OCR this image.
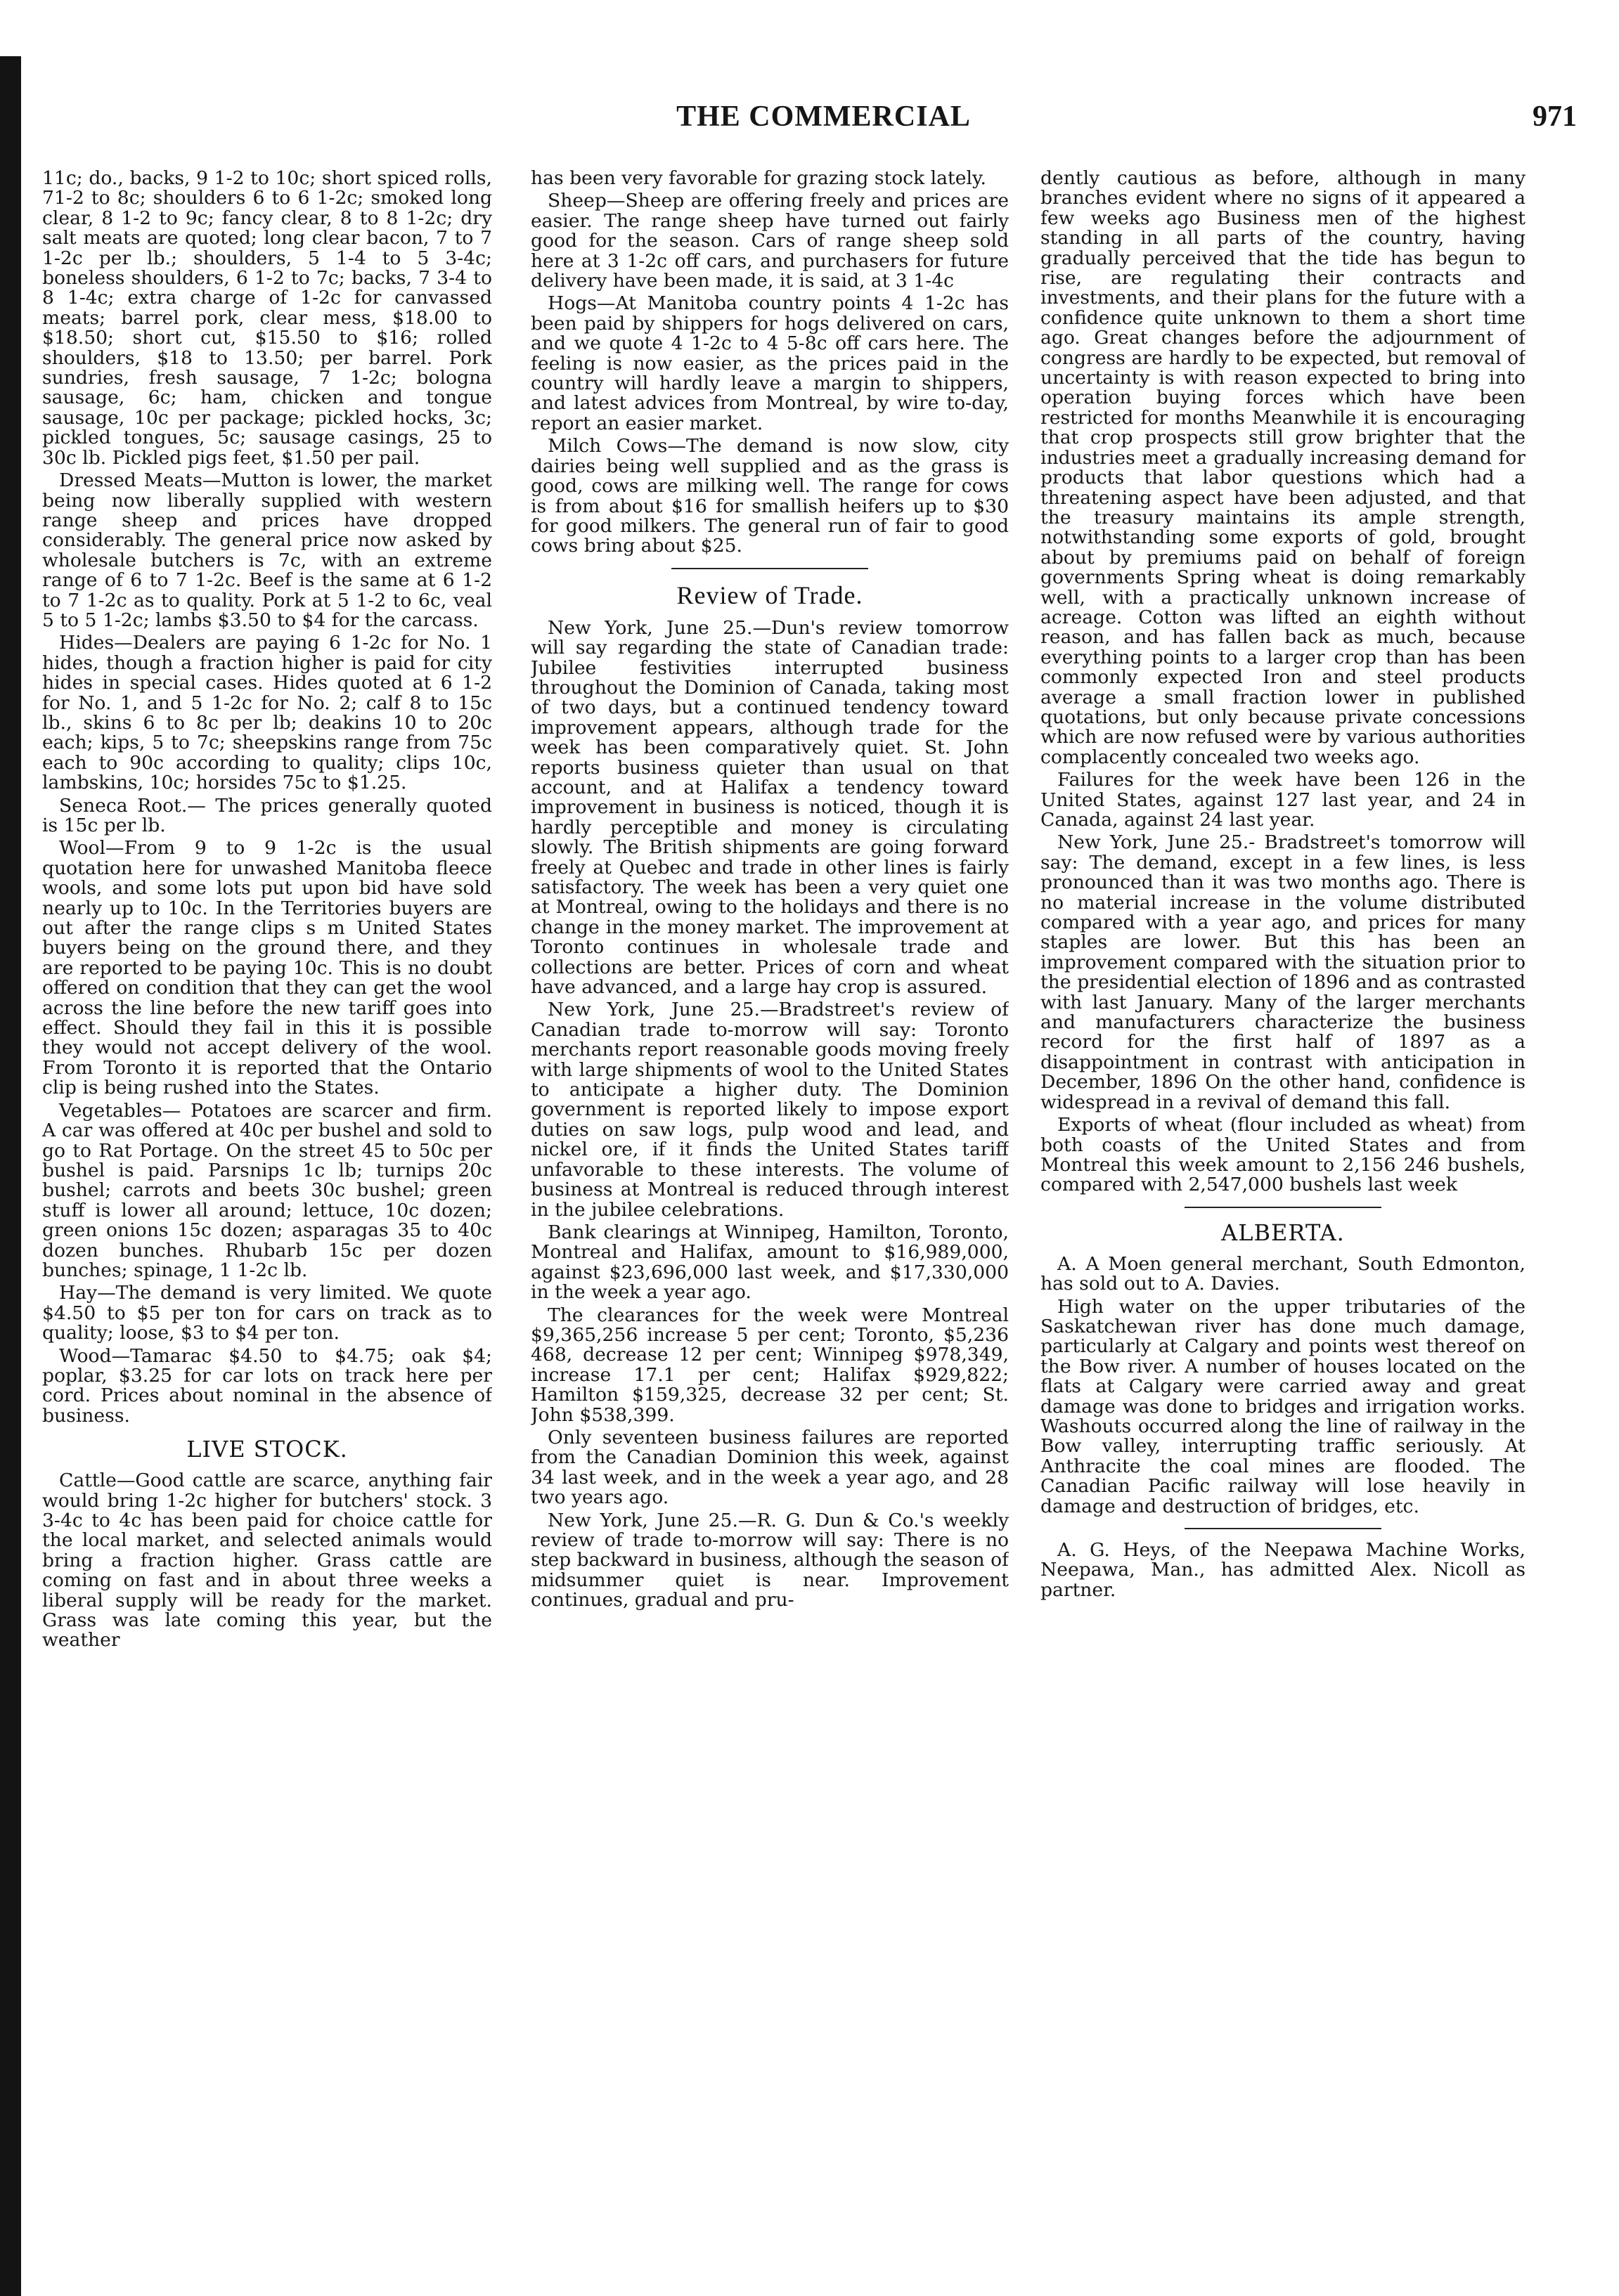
THE COMMERCIAL	971

11c; do., backs, 9 1-2 to 10c; short spiced rolls, 71-2 to 8c; shoulders 6 to 6 1-2c; smoked long clear, 8 1-2 to 9c; fancy clear, 8 to 8 1-2c; dry salt meats are quoted; long clear bacon, 7 to 7 1-2c per lb.; shoulders, 5 1-4 to 5 3-4c; boneless shoulders, 6 1-2 to 7c; backs, 7 3-4 to 8 1-4c; extra charge of 1-2c for canvassed meats; barrel pork, clear mess, $18.00 to $18.50; short cut, $15.50 to $16; rolled shoulders, $18 to 13.50; per barrel. Pork sundries, fresh sausage, 7 1-2c; bologna sausage, 6c; ham, chicken and tongue sausage, 10c per package; pickled hocks, 3c; pickled tongues, 5c; sausage casings, 25 to 30c lb. Pickled pigs feet, $1.50 per pail.

Dressed Meats—Mutton is lower, the market being now liberally supplied with western range sheep and prices have dropped considerably. The general price now asked by wholesale butchers is 7c, with an extreme range of 6 to 7 1-2c. Beef is the same at 6 1-2 to 7 1-2c as to quality. Pork at 5 1-2 to 6c, veal 5 to 5 1-2c; lambs $3.50 to $4 for the carcass.

Hides—Dealers are paying 6 1-2c for No. 1 hides, though a fraction higher is paid for city hides in special cases. Hides quoted at 6 1-2 for No. 1, and 5 1-2c for No. 2; calf 8 to 15c lb., skins 6 to 8c per lb; deakins 10 to 20c each; kips, 5 to 7c; sheepskins range from 75c each to 90c according to quality; clips 10c, lambskins, 10c; horsides 75c to $1.25.

Seneca Root.— The prices generally quoted is 15c per lb.

Wool—From 9 to 9 1-2c is the usual quotation here for unwashed Manitoba fleece wools, and some lots put upon bid have sold nearly up to 10c. In the Territories buyers are out after the range clips s m United States buyers being on the ground there, and they are reported to be paying 10c. This is no doubt offered on condition that they can get the wool across the line before the new tariff goes into effect. Should they fail in this it is possible they would not accept delivery of the wool. From Toronto it is reported that the Ontario clip is being rushed into the States.

Vegetables— Potatoes are scarcer and firm. A car was offered at 40c per bushel and sold to go to Rat Portage. On the street 45 to 50c per bushel is paid. Parsnips 1c lb; turnips 20c bushel; carrots and beets 30c bushel; green stuff is lower all around; lettuce, 10c dozen; green onions 15c dozen; asparagas 35 to 40c dozen bunches. Rhubarb 15c per dozen bunches; spinage, 1 1-2c lb.

Hay—The demand is very limited. We quote $4.50 to $5 per ton for cars on track as to quality; loose, $3 to $4 per ton.

Wood—Tamarac $4.50 to $4.75; oak $4; poplar, $3.25 for car lots on track here per cord. Prices about nominal in the absence of business.

LIVE STOCK.

Cattle—Good cattle are scarce, anything fair would bring 1-2c higher for butchers' stock. 3 3-4c to 4c has been paid for choice cattle for the local market, and selected animals would bring a fraction higher. Grass cattle are coming on fast and in about three weeks a liberal supply will be ready for the market. Grass was late coming this year, but the weather

has been very favorable for grazing stock lately.

Sheep—Sheep are offering freely and prices are easier. The range sheep have turned out fairly good for the season. Cars of range sheep sold here at 3 1-2c off cars, and purchasers for future delivery have been made, it is said, at 3 1-4c

Hogs—At Manitoba country points 4 1-2c has been paid by shippers for hogs delivered on cars, and we quote 4 1-2c to 4 5-8c off cars here. The feeling is now easier, as the prices paid in the country will hardly leave a margin to shippers, and latest advices from Montreal, by wire to-day, report an easier market.

Milch Cows—The demand is now slow, city dairies being well supplied and as the grass is good, cows are milking well. The range for cows is from about $16 for smallish heifers up to $30 for good milkers. The general run of fair to good cows bring about $25.

Review of Trade.

New York, June 25.—Dun's review tomorrow will say regarding the state of Canadian trade: Jubilee festivities interrupted business throughout the Dominion of Canada, taking most of two days, but a continued tendency toward improvement appears, although trade for the week has been comparatively quiet. St. John reports business quieter than usual on that account, and at Halifax a tendency toward improvement in business is noticed, though it is hardly perceptible and money is circulating slowly. The British shipments are going forward freely at Quebec and trade in other lines is fairly satisfactory. The week has been a very quiet one at Montreal, owing to the holidays and there is no change in the money market. The improvement at Toronto continues in wholesale trade and collections are better. Prices of corn and wheat have advanced, and a large hay crop is assured.

New York, June 25.—Bradstreet's review of Canadian trade to-morrow will say: Toronto merchants report reasonable goods moving freely with large shipments of wool to the United States to anticipate a higher duty. The Dominion government is reported likely to impose export duties on saw logs, pulp wood and lead, and nickel ore, if it finds the United States tariff unfavorable to these interests. The volume of business at Montreal is reduced through interest in the jubilee celebrations.

Bank clearings at Winnipeg, Hamilton, Toronto, Montreal and Halifax, amount to $16,989,000, against $23,696,000 last week, and $17,330,000 in the week a year ago.

The clearances for the week were Montreal $9,365,256 increase 5 per cent; Toronto, $5,236 468, decrease 12 per cent; Winnipeg $978,349, increase 17.1 per cent; Halifax $929,822; Hamilton $159,325, decrease 32 per cent; St. John $538,399.

Only seventeen business failures are reported from the Canadian Dominion this week, against 34 last week, and in the week a year ago, and 28 two years ago.

New York, June 25.—R. G. Dun & Co.'s weekly review of trade to-morrow will say: There is no step backward in business, although the season of midsummer quiet is near. Improvement continues, gradual and pru-

dently cautious as before, although in many branches evident where no signs of it appeared a few weeks ago Business men of the highest standing in all parts of the country, having gradually perceived that the tide has begun to rise, are regulating their contracts and investments, and their plans for the future with a confidence quite unknown to them a short time ago. Great changes before the adjournment of congress are hardly to be expected, but removal of uncertainty is with reason expected to bring into operation buying forces which have been restricted for months Meanwhile it is encouraging that crop prospects still grow brighter that the industries meet a gradually increasing demand for products that labor questions which had a threatening aspect have been adjusted, and that the treasury maintains its ample strength, notwithstanding some exports of gold, brought about by premiums paid on behalf of foreign governments Spring wheat is doing remarkably well, with a practically unknown increase of acreage. Cotton was lifted an eighth without reason, and has fallen back as much, because everything points to a larger crop than has been commonly expected Iron and steel products average a small fraction lower in published quotations, but only because private concessions which are now refused were by various authorities complacently concealed two weeks ago.

Failures for the week have been 126 in the United States, against 127 last year, and 24 in Canada, against 24 last year.

New York, June 25.- Bradstreet's tomorrow will say: The demand, except in a few lines, is less pronounced than it was two months ago. There is no material increase in the volume distributed compared with a year ago, and prices for many staples are lower. But this has been an improvement compared with the situation prior to the presidential election of 1896 and as contrasted with last January. Many of the larger merchants and manufacturers characterize the business record for the first half of 1897 as a disappointment in contrast with anticipation in December, 1896 On the other hand, confidence is widespread in a revival of demand this fall.

Exports of wheat (flour included as wheat) from both coasts of the United States and from Montreal this week amount to 2,156 246 bushels, compared with 2,547,000 bushels last week

ALBERTA.

A. A Moen general merchant, South Edmonton, has sold out to A. Davies.

High water on the upper tributaries of the Saskatchewan river has done much damage, particularly at Calgary and points west thereof on the Bow river. A number of houses located on the flats at Calgary were carried away and great damage was done to bridges and irrigation works. Washouts occurred along the line of railway in the Bow valley, interrupting traffic seriously. At Anthracite the coal mines are flooded. The Canadian Pacific railway will lose heavily in damage and destruction of bridges, etc.

A. G. Heys, of the Neepawa Machine Works, Neepawa, Man., has admitted Alex. Nicoll as partner.
